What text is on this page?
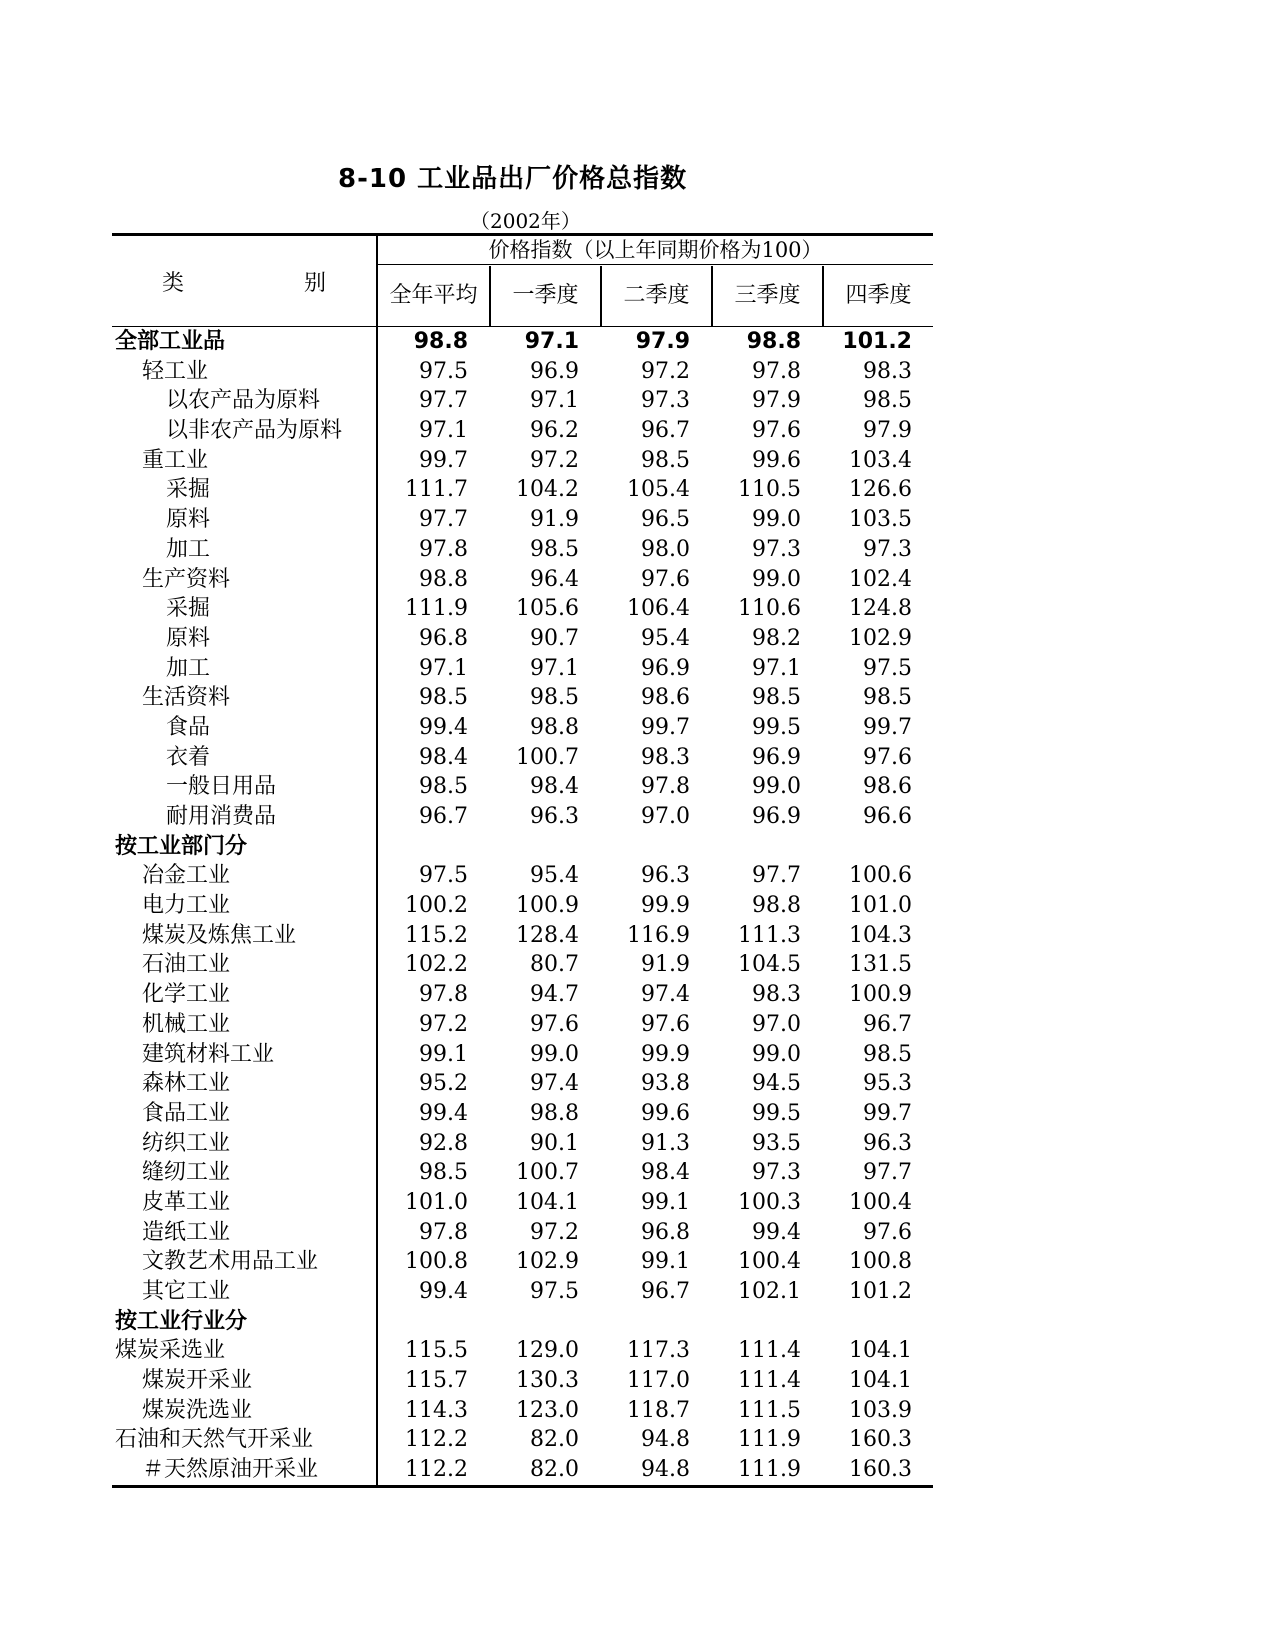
8-10 工业品出厂价格总指数
（2002年）
类	别
价格指数（以上年同期价格为100）
全年平均	一季度	二季度	三季度	四季度
全部工业品	98.8	97.1	97.9	98.8	101.2
轻工业	97.5	96.9	97.2	97.8	98.3
以农产品为原料	97.7	97.1	97.3	97.9	98.5
以非农产品为原料	97.1	96.2	96.7	97.6	97.9
重工业	99.7	97.2	98.5	99.6	103.4
采掘	111.7	104.2	105.4	110.5	126.6
原料	97.7	91.9	96.5	99.0	103.5
加工	97.8	98.5	98.0	97.3	97.3
生产资料	98.8	96.4	97.6	99.0	102.4
采掘	111.9	105.6	106.4	110.6	124.8
原料	96.8	90.7	95.4	98.2	102.9
加工	97.1	97.1	96.9	97.1	97.5
生活资料	98.5	98.5	98.6	98.5	98.5
食品	99.4	98.8	99.7	99.5	99.7
衣着	98.4	100.7	98.3	96.9	97.6
一般日用品	98.5	98.4	97.8	99.0	98.6
耐用消费品	96.7	96.3	97.0	96.9	96.6
按工业部门分
冶金工业	97.5	95.4	96.3	97.7	100.6
电力工业	100.2	100.9	99.9	98.8	101.0
煤炭及炼焦工业	115.2	128.4	116.9	111.3	104.3
石油工业	102.2	80.7	91.9	104.5	131.5
化学工业	97.8	94.7	97.4	98.3	100.9
机械工业	97.2	97.6	97.6	97.0	96.7
建筑材料工业	99.1	99.0	99.9	99.0	98.5
森林工业	95.2	97.4	93.8	94.5	95.3
食品工业	99.4	98.8	99.6	99.5	99.7
纺织工业	92.8	90.1	91.3	93.5	96.3
缝纫工业	98.5	100.7	98.4	97.3	97.7
皮革工业	101.0	104.1	99.1	100.3	100.4
造纸工业	97.8	97.2	96.8	99.4	97.6
文教艺术用品工业	100.8	102.9	99.1	100.4	100.8
其它工业	99.4	97.5	96.7	102.1	101.2
按工业行业分
煤炭采选业	115.5	129.0	117.3	111.4	104.1
煤炭开采业	115.7	130.3	117.0	111.4	104.1
煤炭洗选业	114.3	123.0	118.7	111.5	103.9
石油和天然气开采业	112.2	82.0	94.8	111.9	160.3
＃天然原油开采业	112.2	82.0	94.8	111.9	160.3
